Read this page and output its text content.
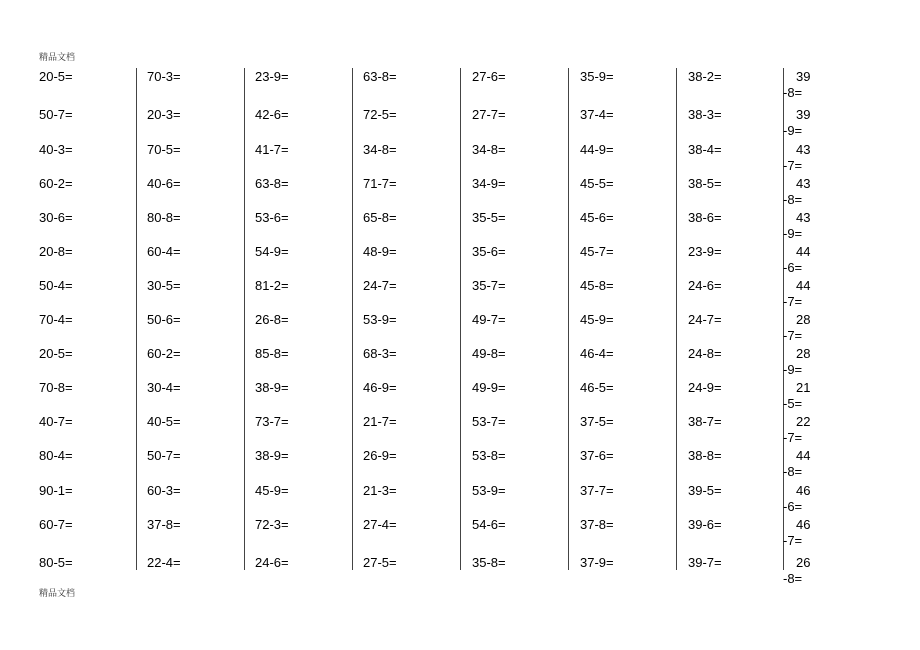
精品文档
20-5=
50-7=
40-3=
60-2=
30-6=
20-8=
50-4=
70-4=
20-5=
70-8=
40-7=
80-4=
90-1=
60-7=
80-5=
70-3=
20-3=
70-5=
40-6=
80-8=
60-4=
30-5=
50-6=
60-2=
30-4=
40-5=
50-7=
60-3=
37-8=
22-4=
23-9=
42-6=
41-7=
63-8=
53-6=
54-9=
81-2=
26-8=
85-8=
38-9=
73-7=
38-9=
45-9=
72-3=
24-6=
63-8=
72-5=
34-8=
71-7=
65-8=
48-9=
24-7=
53-9=
68-3=
46-9=
21-7=
26-9=
21-3=
27-4=
27-5=
27-6=
27-7=
34-8=
34-9=
35-5=
35-6=
35-7=
49-7=
49-8=
49-9=
53-7=
53-8=
53-9=
54-6=
35-8=
35-9=
37-4=
44-9=
45-5=
45-6=
45-7=
45-8=
45-9=
46-4=
46-5=
37-5=
37-6=
37-7=
37-8=
37-9=
38-2=
38-3=
38-4=
38-5=
38-6=
23-9=
24-6=
24-7=
24-8=
24-9=
38-7=
38-8=
39-5=
39-6=
39-7=
39-8=
39-9=
43-7=
43-8=
43-9=
44-6=
44-7=
28-7=
28-9=
21-5=
22-7=
44-8=
46-6=
46-7=
26-8=
精品文档
